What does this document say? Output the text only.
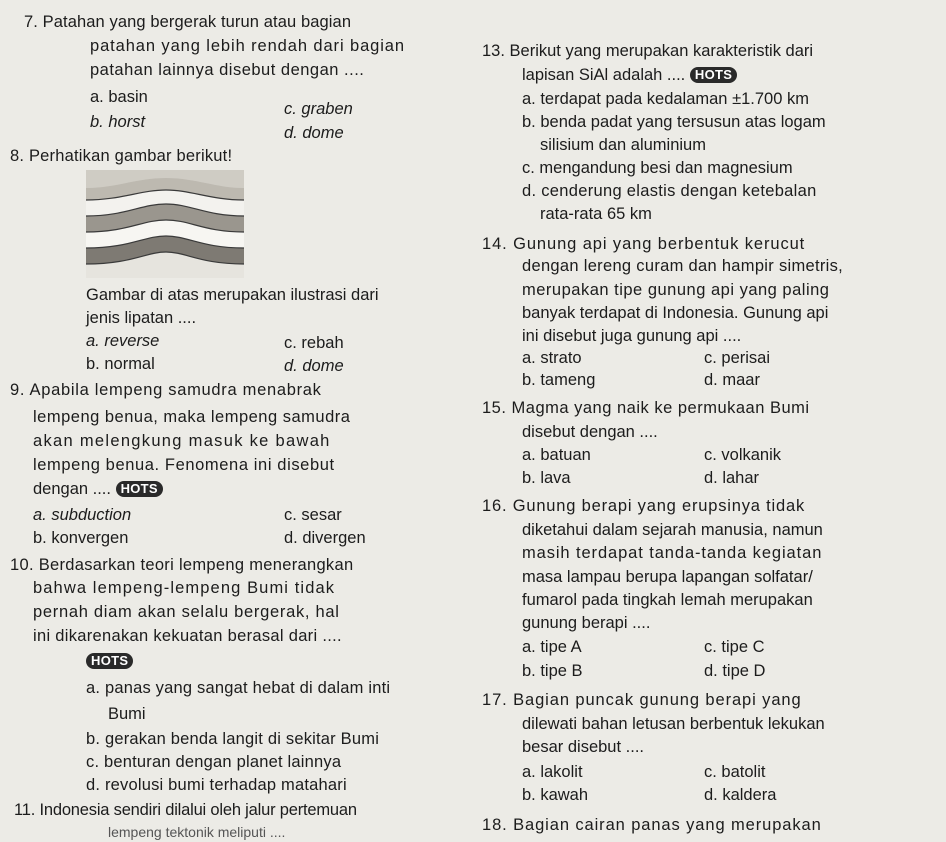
7. Patahan yang bergerak turun atau bagian
patahan yang lebih rendah dari bagian
patahan lainnya disebut dengan ....
a. basin
b. horst
c. graben
d. dome
8. Perhatikan gambar berikut!
Gambar di atas merupakan ilustrasi dari
jenis lipatan ....
a. reverse
b. normal
c. rebah
d. dome
9. Apabila lempeng samudra menabrak
lempeng benua, maka lempeng samudra
akan melengkung masuk ke bawah
lempeng benua. Fenomena ini disebut
dengan .... HOTS
a. subduction
b. konvergen
c. sesar
d. divergen
10. Berdasarkan teori lempeng menerangkan
bahwa lempeng-lempeng Bumi tidak
pernah diam akan selalu bergerak, hal
ini dikarenakan kekuatan berasal dari ....
HOTS
a. panas yang sangat hebat di dalam inti
Bumi
b. gerakan benda langit di sekitar Bumi
c. benturan dengan planet lainnya
d. revolusi bumi terhadap matahari
11. Indonesia sendiri dilalui oleh jalur pertemuan
lempeng tektonik meliputi ....
13. Berikut yang merupakan karakteristik dari
lapisan SiAl adalah .... HOTS
a. terdapat pada kedalaman ±1.700 km
b. benda padat yang tersusun atas logam
silisium dan aluminium
c. mengandung besi dan magnesium
d. cenderung elastis dengan ketebalan
rata-rata 65 km
14. Gunung api yang berbentuk kerucut
dengan lereng curam dan hampir simetris,
merupakan tipe gunung api yang paling
banyak terdapat di Indonesia. Gunung api
ini disebut juga gunung api ....
a. strato
b. tameng
c. perisai
d. maar
15. Magma yang naik ke permukaan Bumi
disebut dengan ....
a. batuan
b. lava
c. volkanik
d. lahar
16. Gunung berapi yang erupsinya tidak
diketahui dalam sejarah manusia, namun
masih terdapat tanda-tanda kegiatan
masa lampau berupa lapangan solfatar/
fumarol pada tingkah lemah merupakan
gunung berapi ....
a. tipe A
b. tipe B
c. tipe C
d. tipe D
17. Bagian puncak gunung berapi yang
dilewati bahan letusan berbentuk lekukan
besar disebut ....
a. lakolit
b. kawah
c. batolit
d. kaldera
18. Bagian cairan panas yang merupakan
